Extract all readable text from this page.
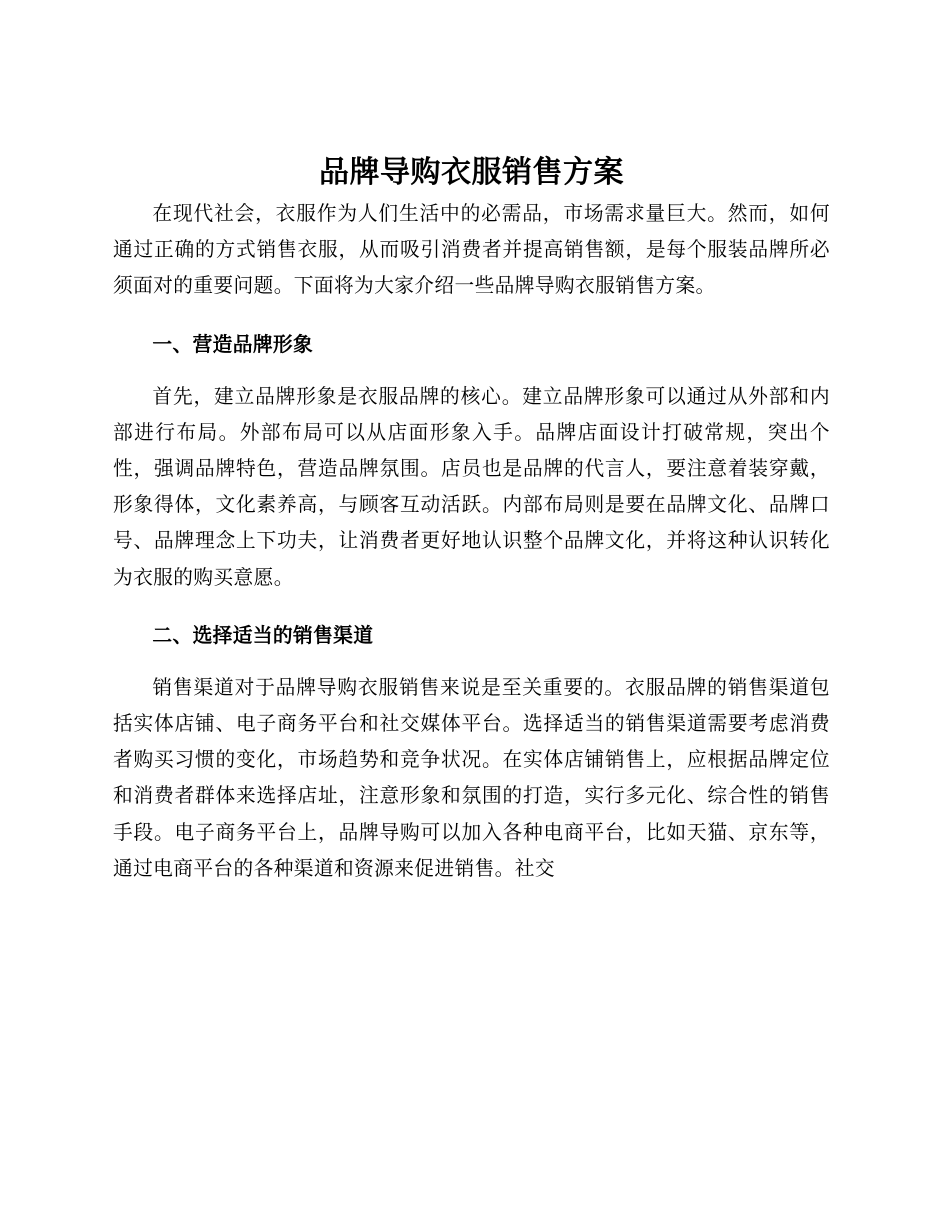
品牌导购衣服销售方案

在现代社会，衣服作为人们生活中的必需品，市场需求量巨大。然而，如何通过正确的方式销售衣服，从而吸引消费者并提高销售额，是每个服装品牌所必须面对的重要问题。下面将为大家介绍一些品牌导购衣服销售方案。

一、营造品牌形象

首先，建立品牌形象是衣服品牌的核心。建立品牌形象可以通过从外部和内部进行布局。外部布局可以从店面形象入手。品牌店面设计打破常规，突出个性，强调品牌特色，营造品牌氛围。店员也是品牌的代言人，要注意着装穿戴，形象得体，文化素养高，与顾客互动活跃。内部布局则是要在品牌文化、品牌口号、品牌理念上下功夫，让消费者更好地认识整个品牌文化，并将这种认识转化为衣服的购买意愿。

二、选择适当的销售渠道

销售渠道对于品牌导购衣服销售来说是至关重要的。衣服品牌的销售渠道包括实体店铺、电子商务平台和社交媒体平台。选择适当的销售渠道需要考虑消费者购买习惯的变化，市场趋势和竞争状况。在实体店铺销售上，应根据品牌定位和消费者群体来选择店址，注意形象和氛围的打造，实行多元化、综合性的销售手段。电子商务平台上，品牌导购可以加入各种电商平台，比如天猫、京东等，通过电商平台的各种渠道和资源来促进销售。社交
